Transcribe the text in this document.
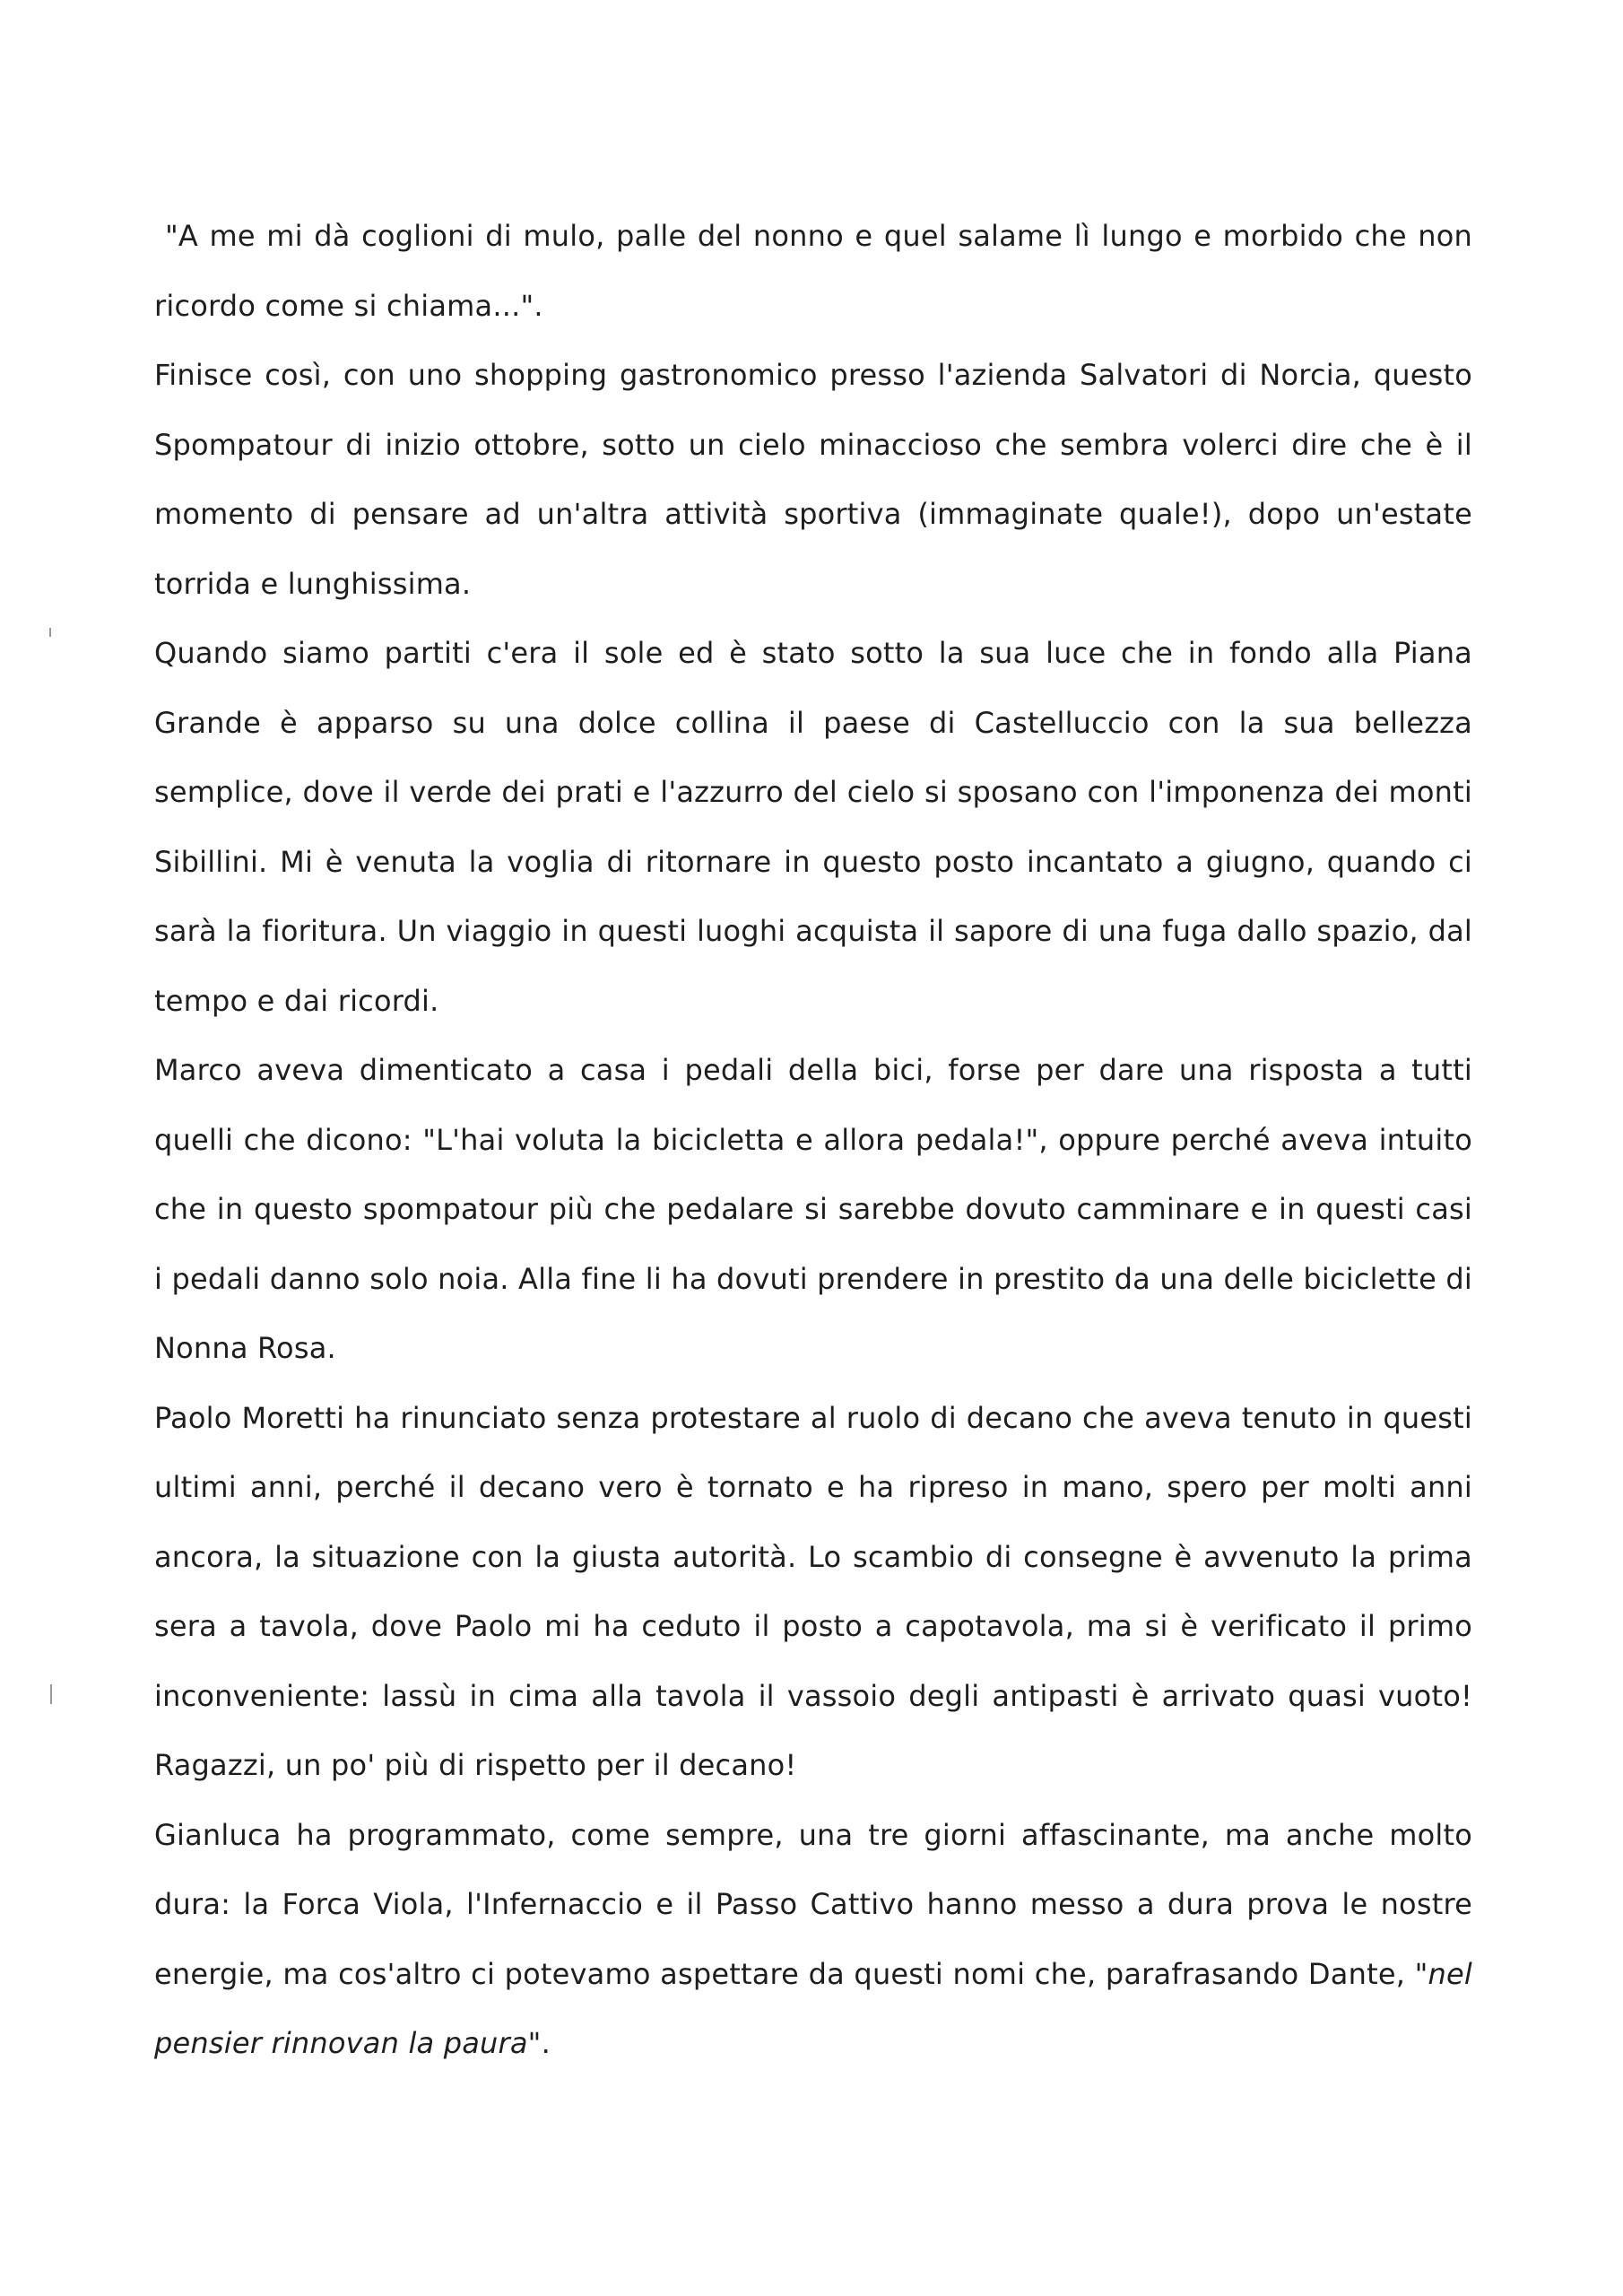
"A me mi dà coglioni di mulo, palle del nonno e quel salame lì lungo e morbido che non ricordo come si chiama...".

Finisce così, con uno shopping gastronomico presso l'azienda Salvatori di Norcia, questo Spompatour di inizio ottobre, sotto un cielo minaccioso che sembra volerci dire che è il momento di pensare ad un'altra attività sportiva (immaginate quale!), dopo un'estate torrida e lunghissima.

Quando siamo partiti c'era il sole ed è stato sotto la sua luce che in fondo alla Piana Grande è apparso su una dolce collina il paese di Castelluccio con la sua bellezza semplice, dove il verde dei prati e l'azzurro del cielo si sposano con l'imponenza dei monti Sibillini. Mi è venuta la voglia di ritornare in questo posto incantato a giugno, quando ci sarà la fioritura. Un viaggio in questi luoghi acquista il sapore di una fuga dallo spazio, dal tempo e dai ricordi.

Marco aveva dimenticato a casa i pedali della bici, forse per dare una risposta a tutti quelli che dicono: "L'hai voluta la bicicletta e allora pedala!", oppure perché aveva intuito che in questo spompatour più che pedalare si sarebbe dovuto camminare e in questi casi i pedali danno solo noia. Alla fine li ha dovuti prendere in prestito da una delle biciclette di Nonna Rosa.

Paolo Moretti ha rinunciato senza protestare al ruolo di decano che aveva tenuto in questi ultimi anni, perché il decano vero è tornato e ha ripreso in mano, spero per molti anni ancora, la situazione con la giusta autorità. Lo scambio di consegne è avvenuto la prima sera a tavola, dove Paolo mi ha ceduto il posto a capotavola, ma si è verificato il primo inconveniente: lassù in cima alla tavola il vassoio degli antipasti è arrivato quasi vuoto! Ragazzi, un po' più di rispetto per il decano!

Gianluca ha programmato, come sempre, una tre giorni affascinante, ma anche molto dura: la Forca Viola, l'Infernaccio e il Passo Cattivo hanno messo a dura prova le nostre energie, ma cos'altro ci potevamo aspettare da questi nomi che, parafrasando Dante, "nel pensier rinnovan la paura".
